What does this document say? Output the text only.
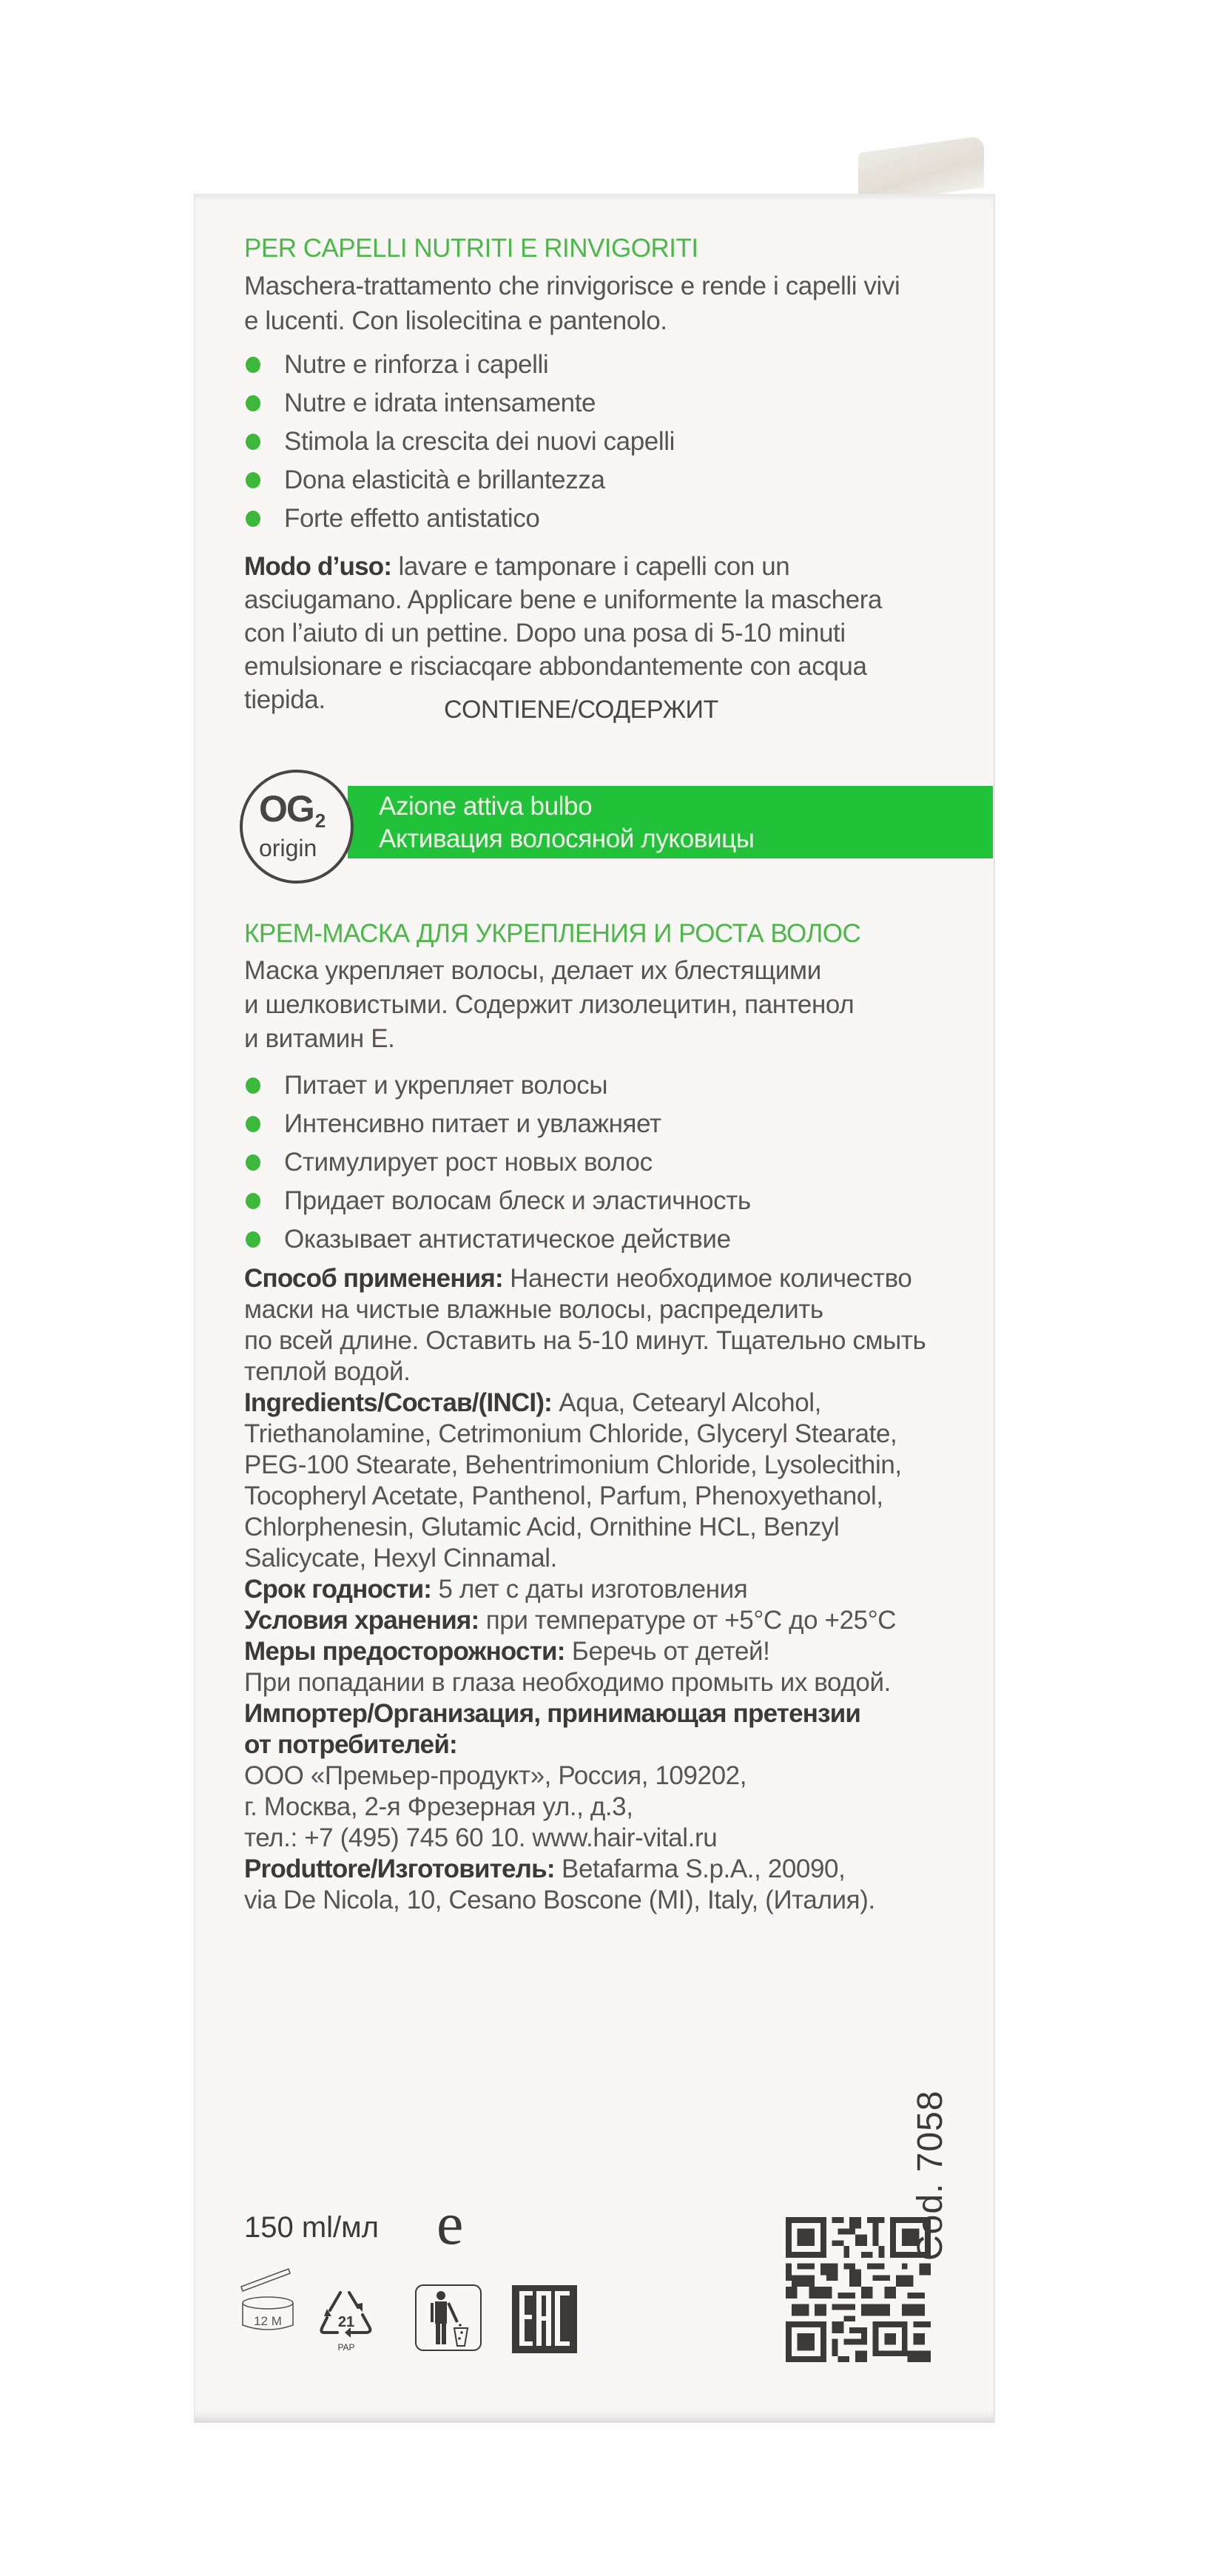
PER CAPELLI NUTRITI E RINVIGORITI
Maschera-trattamento che rinvigorisce e rende i capelli vivi
e lucenti. Con lisolecitina e pantenolo.
Nutre e rinforza i capelli
Nutre e idrata intensamente
Stimola la crescita dei nuovi capelli
Dona elasticità e brillantezza
Forte effetto antistatico
Modo d’uso: lavare e tamponare i capelli con un
asciugamano. Applicare bene e uniformente la maschera
con l’aiuto di un pettine. Dopo una posa di 5-10 minuti
emulsionare e risciacqare abbondantemente con acqua
tiepida.	CONTIENE/СОДЕРЖИТ
Azione attiva bulbo
Активация волосяной луковицы
$OG_2$
origin
КРЕМ-МАСКА ДЛЯ УКРЕПЛЕНИЯ И РОСТА ВОЛОС
Маска укрепляет волосы, делает их блестящими
и шелковистыми. Содержит лизолецитин, пантенол
и витамин Е.
Питает и укрепляет волосы
Интенсивно питает и увлажняет
Стимулирует рост новых волос
Придает волосам блеск и эластичность
Оказывает антистатическое действие
Способ применения: Нанести необходимое количество
маски на чистые влажные волосы, распределить
по всей длине. Оставить на 5-10 минут. Тщательно смыть
теплой водой.
Ingredients/Состав/(INCI): Aqua, Cetearyl Alcohol,
Triethanolamine, Cetrimonium Chloride, Glyceryl Stearate,
PEG-100 Stearate, Behentrimonium Chloride, Lysolecithin,
Tocopheryl Acetate, Panthenol, Parfum, Phenoxyethanol,
Chlorphenesin, Glutamic Acid, Ornithine HCL, Benzyl
Salicycate, Hexyl Cinnamal.
Срок годности: 5 лет с даты изготовления
Условия хранения: при температуре от +5°С до +25°С
Меры предосторожности: Беречь от детей!
При попадании в глаза необходимо промыть их водой.
Импортер/Организация, принимающая претензии
от потребителей:
ООО «Премьер-продукт», Россия, 109202,
г. Москва, 2-я Фрезерная ул., д.3,
тел.: +7 (495) 745 60 10. www.hair-vital.ru
Produttore/Изготовитель: Betafarma S.p.A., 20090,
via De Nicola, 10, Cesano Boscone (MI), Italy, (Италия).
150 ml/мл e
12 M	21
PAP
Cod. 7058
